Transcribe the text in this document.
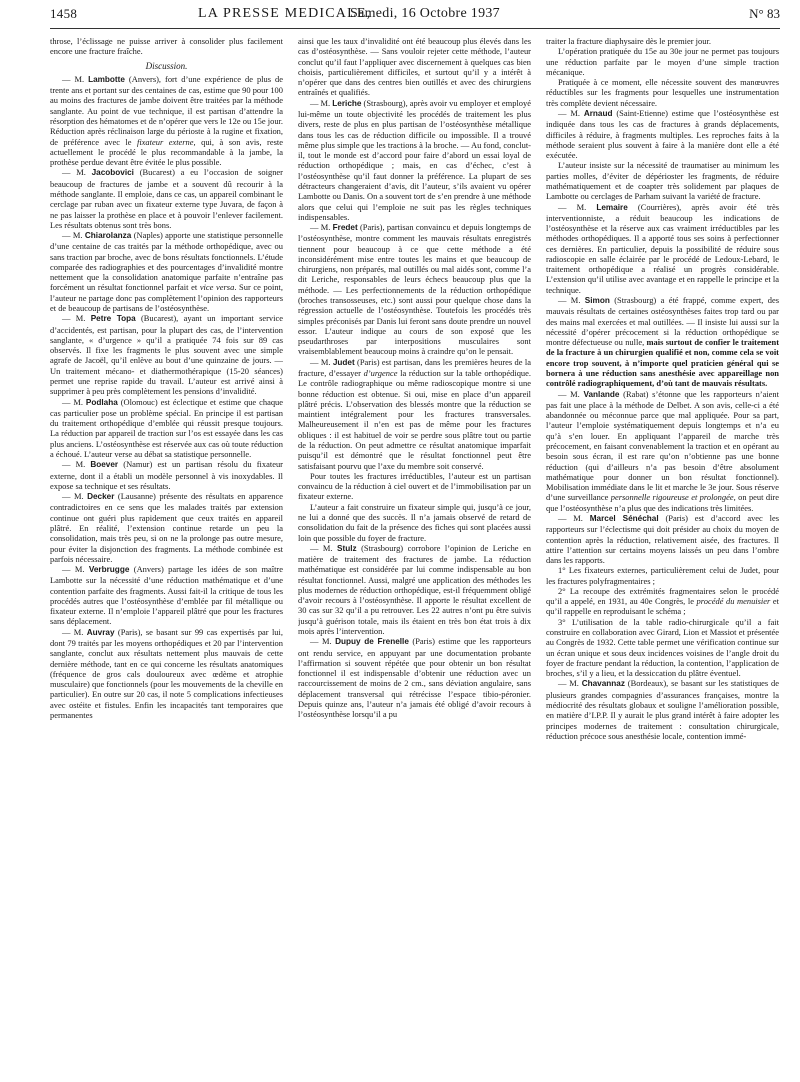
1458	LA PRESSE MEDICALE,
Samedi, 16 Octobre 1937	N° 83

throse, l’éclissage ne puisse arriver à consolider plus facilement encore une fracture fraîche.

Discussion.

— M. Lambotte (Anvers), fort d’une expérience de plus de trente ans et portant sur des centaines de cas, estime que 90 pour 100 au moins des fractures de jambe doivent être traitées par la méthode sanglante. Au point de vue technique, il est partisan d’attendre la résorption des hématomes et de n’opérer que vers le 12e ou 15e jour. Réduction après réclinaison large du périoste à la rugine et fixation, de préférence avec le fixateur externe, qui, à son avis, reste actuellement le procédé le plus recommandable à la jambe, la prothèse perdue devant être évitée le plus possible.

— M. Jacobovici (Bucarest) a eu l’occasion de soigner beaucoup de fractures de jambe et a souvent dû recourir à la méthode sanglante. Il emploie, dans ce cas, un appareil combinant le cerclage par ruban avec un fixateur externe type Juvara, de façon à ne pas laisser la prothèse en place et à pouvoir l’enlever facilement. Les résultats obtenus sont très bons.

— M. Chiarolanza (Naples) apporte une statistique personnelle d’une centaine de cas traités par la méthode orthopédique, avec ou sans traction par broche, avec de bons résultats fonctionnels. L’étude comparée des radiographies et des pourcentages d’invalidité montre nettement que la consolidation anatomique parfaite n’entraîne pas forcément un résultat fonctionnel parfait et vice versa. Sur ce point, l’auteur ne partage donc pas complètement l’opinion des rapporteurs et de beaucoup de partisans de l’ostéosynthèse.

— M. Petre Topa (Bucarest), ayant un important service d’accidentés, est partisan, pour la plupart des cas, de l’intervention sanglante, « d’urgence » qu’il a pratiquée 74 fois sur 89 cas observés. Il fixe les fragments le plus souvent avec une simple agrafe de Jacoël, qu’il enlève au bout d’une quinzaine de jours. — Un traitement mécano- et diathermothérapique (15-20 séances) permet une reprise rapide du travail. L’auteur est arrivé ainsi à supprimer à peu près complètement les pensions d’invalidité.

— M. Podlaha (Olomouc) est éclectique et estime que chaque cas particulier pose un problème spécial. En principe il est partisan du traitement orthopédique d’emblée qui réussit presque toujours. La réduction par appareil de traction sur l’os est essayée dans les cas plus anciens. L’ostéosynthèse est réservée aux cas où toute réduction a échoué. L’auteur verse au débat sa statistique personnelle.

— M. Boever (Namur) est un partisan résolu du fixateur externe, dont il a établi un modèle personnel à vis inoxydables. Il expose sa technique et ses résultats.

— M. Decker (Lausanne) présente des résultats en apparence contradictoires en ce sens que les malades traités par extension continue ont guéri plus rapidement que ceux traités en appareil plâtré. En réalité, l’extension continue retarde un peu la consolidation, mais très peu, si on ne la prolonge pas outre mesure, pour éviter la disjonction des fragments. La méthode combinée est parfois nécessaire.

— M. Verbrugge (Anvers) partage les idées de son maître Lambotte sur la nécessité d’une réduction mathématique et d’une contention parfaite des fragments. Aussi fait-il la critique de tous les procédés autres que l’ostéosynthèse d’emblée par fil métallique ou fixateur externe. Il n’emploie l’appareil plâtré que pour les fractures sans déplacement.

— M. Auvray (Paris), se basant sur 99 cas expertisés par lui, dont 79 traités par les moyens orthopédiques et 20 par l’intervention sanglante, conclut aux résultats nettement plus mauvais de cette dernière méthode, tant en ce qui concerne les résultats anatomiques (fréquence de gros cals douloureux avec œdème et atrophie musculaire) que fonctionnels (pour les mouvements de la cheville en particulier). En outre sur 20 cas, il note 5 complications infectieuses avec ostéite et fistules. Enfin les incapacités tant temporaires que permanentes

ainsi que les taux d’invalidité ont été beaucoup plus élevés dans les cas d’ostéosynthèse. — Sans vouloir rejeter cette méthode, l’auteur conclut qu’il faut l’appliquer avec discernement à quelques cas bien choisis, particulièrement difficiles, et surtout qu’il y a intérêt à n’opérer que dans des centres bien outillés et avec des chirurgiens entraînés et qualifiés.

— M. Leriche (Strasbourg), après avoir vu employer et employé lui-même un toute objectivité les procédés de traitement les plus divers, reste de plus en plus partisan de l’ostéosynthèse métallique dans tous les cas de réduction difficile ou impossible. Il a trouvé même plus simple que les tractions à la broche. — Au fond, conclut-il, tout le monde est d’accord pour faire d’abord un essai loyal de réduction orthopédique ; mais, en cas d’échec, c’est à l’ostéosynthèse qu’il faut donner la préférence. La plupart de ses détracteurs changeraient d’avis, dit l’auteur, s’ils avaient vu opérer Lambotte ou Danis. On a souvent tort de s’en prendre à une méthode alors que celui qui l’emploie ne suit pas les règles techniques indispensables.

— M. Fredet (Paris), partisan convaincu et depuis longtemps de l’ostéosynthèse, montre comment les mauvais résultats enregistrés tiennent pour beaucoup à ce que cette méthode a été inconsidérément mise entre toutes les mains et que beaucoup de chirurgiens, non préparés, mal outillés ou mal aidés sont, comme l’a dit Leriche, responsables de leurs échecs beaucoup plus que la méthode. — Les perfectionnements de la réduction orthopédique (broches transosseuses, etc.) sont aussi pour quelque chose dans la régression actuelle de l’ostéosynthèse. Toutefois les procédés très simples préconisés par Danis lui feront sans doute prendre un nouvel essor. L’auteur indique au cours de son exposé que les pseudarthroses par interpositions musculaires sont vraisemblablement beaucoup moins à craindre qu’on le pensait.

— M. Judet (Paris) est partisan, dans les premières heures de la fracture, d’essayer d’urgence la réduction sur la table orthopédique. Le contrôle radiographique ou même radioscopique montre si une bonne réduction est obtenue. Si oui, mise en place d’un appareil plâtré précis. L’observation des blessés montre que la réduction se maintient intégralement pour les fractures transversales. Malheureusement il n’en est pas de même pour les fractures obliques : il est habituel de voir se perdre sous plâtre tout ou partie de la réduction. On peut admettre ce résultat anatomique imparfait puisqu’il est démontré que le résultat fonctionnel peut être satisfaisant pourvu que l’axe du membre soit conservé.

Pour toutes les fractures irréductibles, l’auteur est un partisan convaincu de la réduction à ciel ouvert et de l’immobilisation par un fixateur externe.

L’auteur a fait construire un fixateur simple qui, jusqu’à ce jour, ne lui a donné que des succès. Il n’a jamais observé de retard de consolidation du fait de la présence des fiches qui sont placées aussi loin que possible du foyer de fracture.

— M. Stulz (Strasbourg) corrobore l’opinion de Leriche en matière de traitement des fractures de jambe. La réduction mathématique est considérée par lui comme indispensable au bon résultat fonctionnel. Aussi, malgré une application des méthodes les plus modernes de réduction orthopédique, est-il fréquemment obligé d’avoir recours à l’ostéosynthèse. Il apporte le résultat excellent de 30 cas sur 32 qu’il a pu retrouver. Les 22 autres n’ont pu être suivis jusqu’à guérison totale, mais ils étaient en très bon état trois à dix mois après l’intervention.

— M. Dupuy de Frenelle (Paris) estime que les rapporteurs ont rendu service, en appuyant par une documentation probante l’affirmation si souvent répétée que pour obtenir un bon résultat fonctionnel il est indispensable d’obtenir une réduction avec un raccourcissement de moins de 2 cm., sans déviation angulaire, sans déplacement transversal qui rétrécisse l’espace tibio-péronier. Depuis quinze ans, l’auteur n’a jamais été obligé d’avoir recours à l’ostéosynthèse lorsqu’il a pu

traiter la fracture diaphysaire dès le premier jour.

L’opération pratiquée du 15e au 30e jour ne permet pas toujours une réduction parfaite par le moyen d’une simple traction mécanique.

Pratiquée à ce moment, elle nécessite souvent des manœuvres réductibles sur les fragments pour lesquelles une instrumentation très complète devient nécessaire.

— M. Arnaud (Saint-Etienne) estime que l’ostéosynthèse est indiquée dans tous les cas de fractures à grands déplacements, difficiles à réduire, à fragments multiples. Les reproches faits à la méthode seraient plus souvent à faire à la manière dont elle a été exécutée.

L’auteur insiste sur la nécessité de traumatiser au minimum les parties molles, d’éviter de dépérioster les fragments, de réduire mathématiquement et de coapter très solidement par plaques de Lambotte ou cerclages de Parham suivant la variété de fracture.

— M. Lemaire (Courrières), après avoir été très interventionniste, a réduit beaucoup les indications de l’ostéosynthèse et la réserve aux cas vraiment irréductibles par les méthodes orthopédiques. Il a apporté tous ses soins à perfectionner ces dernières. En particulier, depuis la possibilité de réduire sous radioscopie en salle éclairée par le procédé de Ledoux-Lebard, le traitement orthopédique a réalisé un progrès considérable. L’extension qu’il utilise avec avantage et en rappelle le principe et la technique.

— M. Simon (Strasbourg) a été frappé, comme expert, des mauvais résultats de certaines ostéosynthèses faites trop tard ou par des mains mal exercées et mal outillées. — Il insiste lui aussi sur la nécessité d’opérer précocement si la réduction orthopédique se montre défectueuse ou nulle, mais surtout de confier le traitement de la fracture à un chirurgien qualifié et non, comme cela se voit encore trop souvent, à n’importe quel praticien général qui se bornera à une réduction sans anesthésie avec appareillage non contrôlé radiographiquement, d’où tant de mauvais résultats.

— M. Vanlande (Rabat) s’étonne que les rapporteurs n’aient pas fait une place à la méthode de Delbet. A son avis, celle-ci a été abandonnée ou méconnue parce que mal appliquée. Pour sa part, l’auteur l’emploie systématiquement depuis longtemps et n’a eu qu’à s’en louer. En appliquant l’appareil de marche très précocement, en faisant convenablement la traction et en opérant au besoin sous écran, il est rare qu’on n’obtienne pas une bonne réduction (qui d’ailleurs n’a pas besoin d’être absolument mathématique pour donner un bon résultat fonctionnel). Mobilisation immédiate dans le lit et marche le 3e jour. Sous réserve d’une surveillance personnelle rigoureuse et prolongée, on peut dire que l’ostéosynthèse n’a plus que des indications très limitées.

— M. Marcel Sénéchal (Paris) est d’accord avec les rapporteurs sur l’éclectisme qui doit présider au choix du moyen de contention après la réduction, relativement aisée, des fractures. Il attire l’attention sur certains moyens laissés un peu dans l’ombre dans les rapports.

1° Les fixateurs externes, particulièrement celui de Judet, pour les fractures polyfragmentaires ;

2° La recoupe des extrémités fragmentaires selon le procédé qu’il a appelé, en 1931, au 40e Congrès, le procédé du menuisier et qu’il rappelle en reproduisant le schéma ;

3° L’utilisation de la table radio-chirurgicale qu’il a fait construire en collaboration avec Girard, Lion et Massiot et présentée au Congrès de 1932. Cette table permet une vérification continue sur un écran unique et sous deux incidences voisines de l’angle droit du foyer de fracture pendant la réduction, la contention, l’application de broches, s’il y a lieu, et la dessiccation du plâtre éventuel.

— M. Chavannaz (Bordeaux), se basant sur les statistiques de plusieurs grandes compagnies d’assurances françaises, montre la médiocrité des résultats globaux et souligne l’amélioration possible, en matière d’I.P.P. Il y aurait le plus grand intérêt à faire adopter les principes modernes de traitement : consultation chirurgicale, réduction précoce sous anesthésie locale, contention immé-
